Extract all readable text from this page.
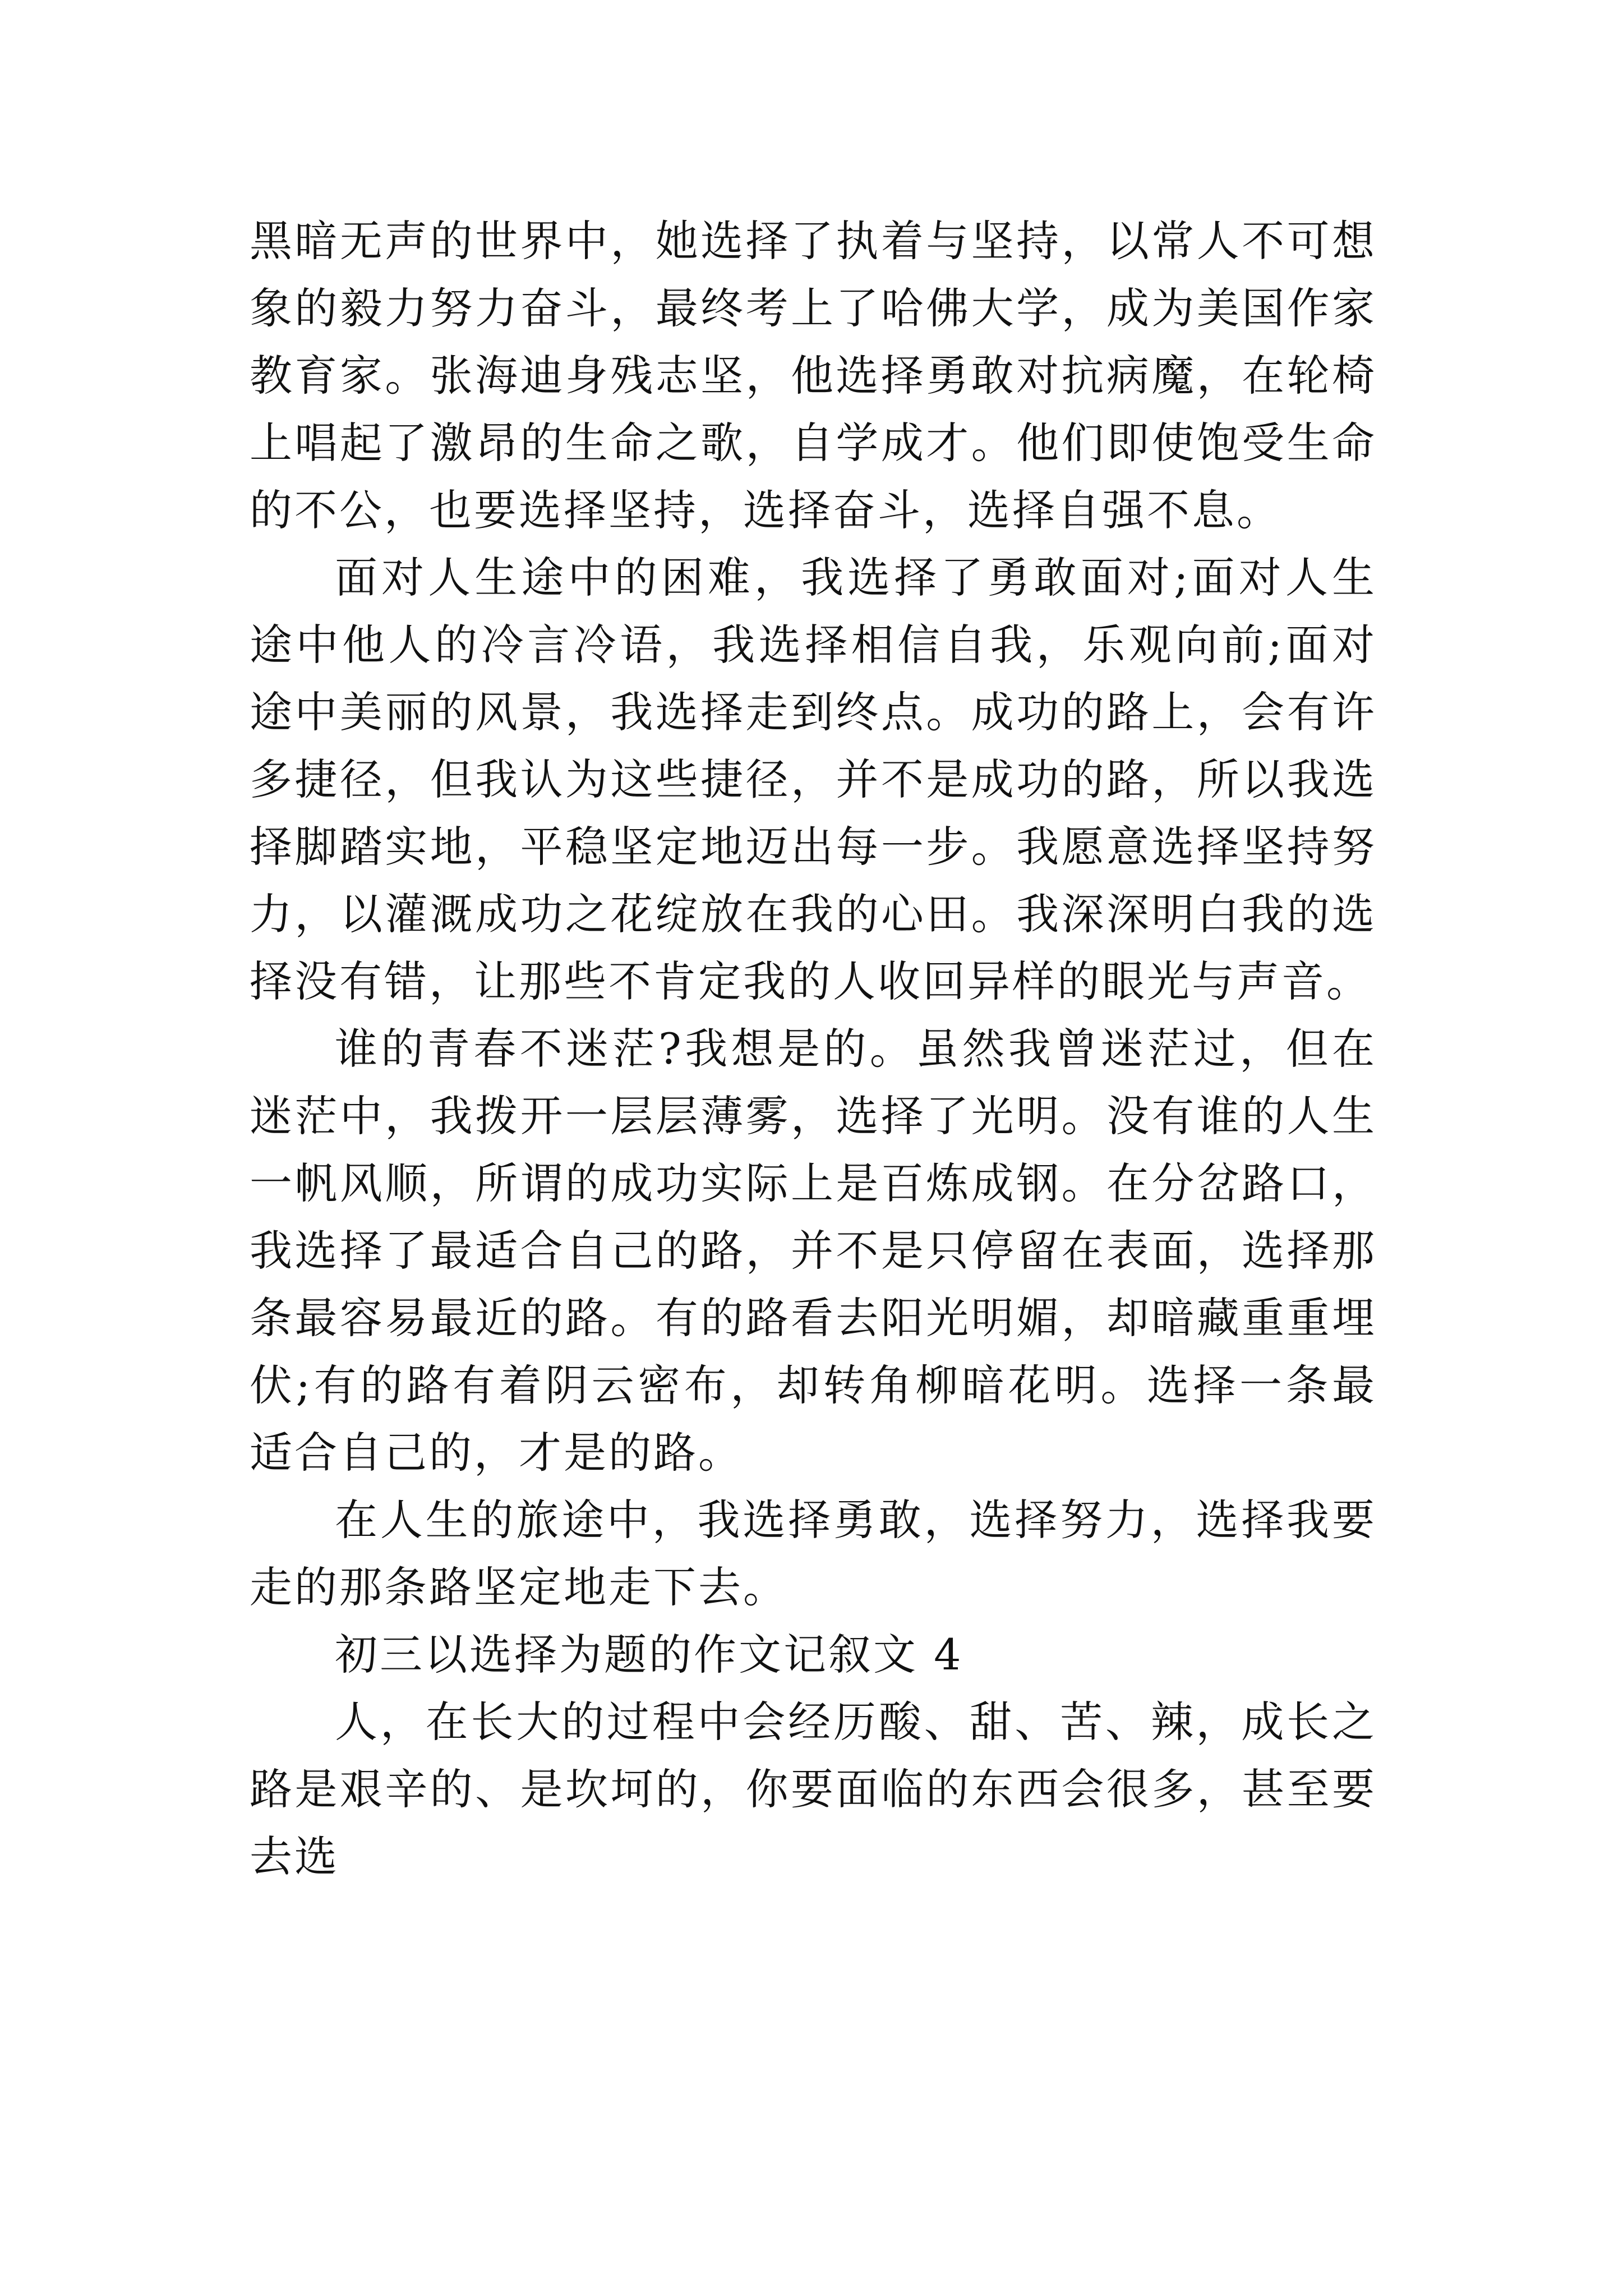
黑暗无声的世界中，她选择了执着与坚持，以常人不可想象的毅力努力奋斗，最终考上了哈佛大学，成为美国作家教育家。张海迪身残志坚，他选择勇敢对抗病魔，在轮椅上唱起了激昂的生命之歌，自学成才。他们即使饱受生命的不公，也要选择坚持，选择奋斗，选择自强不息。

面对人生途中的困难，我选择了勇敢面对;面对人生途中他人的冷言冷语，我选择相信自我，乐观向前;面对途中美丽的风景，我选择走到终点。成功的路上，会有许多捷径，但我认为这些捷径，并不是成功的路，所以我选择脚踏实地，平稳坚定地迈出每一步。我愿意选择坚持努力，以灌溉成功之花绽放在我的心田。我深深明白我的选择没有错，让那些不肯定我的人收回异样的眼光与声音。

谁的青春不迷茫?我想是的。虽然我曾迷茫过，但在迷茫中，我拨开一层层薄雾，选择了光明。没有谁的人生一帆风顺，所谓的成功实际上是百炼成钢。在分岔路口，我选择了最适合自己的路，并不是只停留在表面，选择那条最容易最近的路。有的路看去阳光明媚，却暗藏重重埋伏;有的路有着阴云密布，却转角柳暗花明。选择一条最适合自己的，才是的路。

在人生的旅途中，我选择勇敢，选择努力，选择我要走的那条路坚定地走下去。

初三以选择为题的作文记叙文 4

人，在长大的过程中会经历酸、甜、苦、辣，成长之路是艰辛的、是坎坷的，你要面临的东西会很多，甚至要去选
